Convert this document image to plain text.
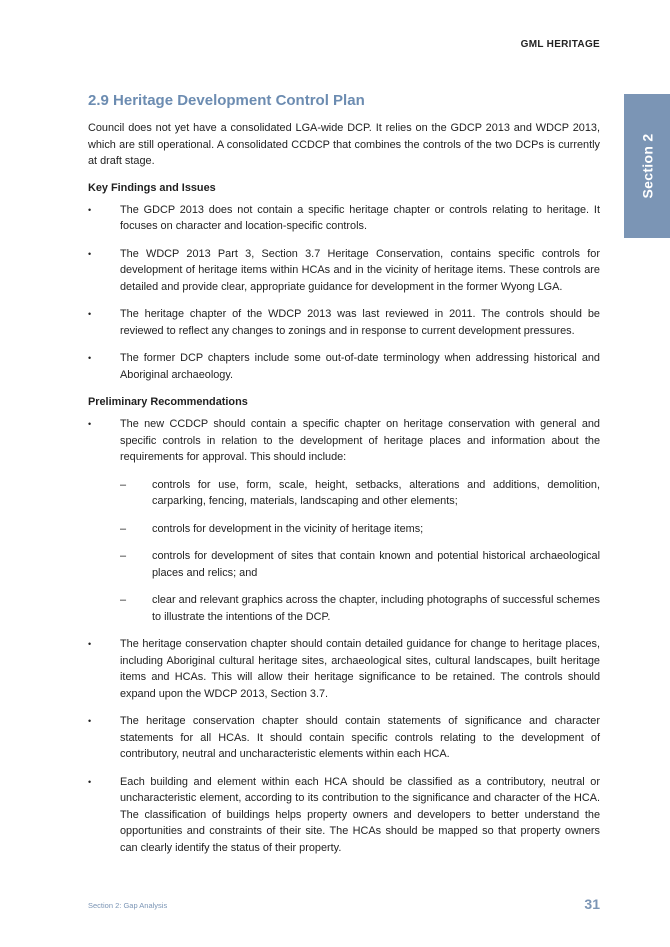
GML HERITAGE
Section 2
2.9 Heritage Development Control Plan

Council does not yet have a consolidated LGA-wide DCP. It relies on the GDCP 2013 and WDCP 2013, which are still operational. A consolidated CCDCP that combines the controls of the two DCPs is currently at draft stage.

Key Findings and Issues
•	The GDCP 2013 does not contain a specific heritage chapter or controls relating to heritage. It focuses on character and location-specific controls.
•	The WDCP 2013 Part 3, Section 3.7 Heritage Conservation, contains specific controls for development of heritage items within HCAs and in the vicinity of heritage items. These controls are detailed and provide clear, appropriate guidance for development in the former Wyong LGA.
•	The heritage chapter of the WDCP 2013 was last reviewed in 2011. The controls should be reviewed to reflect any changes to zonings and in response to current development pressures.
•	The former DCP chapters include some out-of-date terminology when addressing historical and Aboriginal archaeology.
Preliminary Recommendations
•	The new CCDCP should contain a specific chapter on heritage conservation with general and specific controls in relation to the development of heritage places and information about the requirements for approval. This should include:
– controls for use, form, scale, height, setbacks, alterations and additions, demolition, carparking, fencing, materials, landscaping and other elements;
– controls for development in the vicinity of heritage items;
– controls for development of sites that contain known and potential historical archaeological places and relics; and
– clear and relevant graphics across the chapter, including photographs of successful schemes to illustrate the intentions of the DCP.
•	The heritage conservation chapter should contain detailed guidance for change to heritage places, including Aboriginal cultural heritage sites, archaeological sites, cultural landscapes, built heritage items and HCAs. This will allow their heritage significance to be retained. The controls should expand upon the WDCP 2013, Section 3.7.
•	The heritage conservation chapter should contain statements of significance and character statements for all HCAs. It should contain specific controls relating to the development of contributory, neutral and uncharacteristic elements within each HCA.
•	Each building and element within each HCA should be classified as a contributory, neutral or uncharacteristic element, according to its contribution to the significance and character of the HCA. The classification of buildings helps property owners and developers to better understand the opportunities and constraints of their site. The HCAs should be mapped so that property owners can clearly identify the status of their property.
Section 2: Gap Analysis	31
